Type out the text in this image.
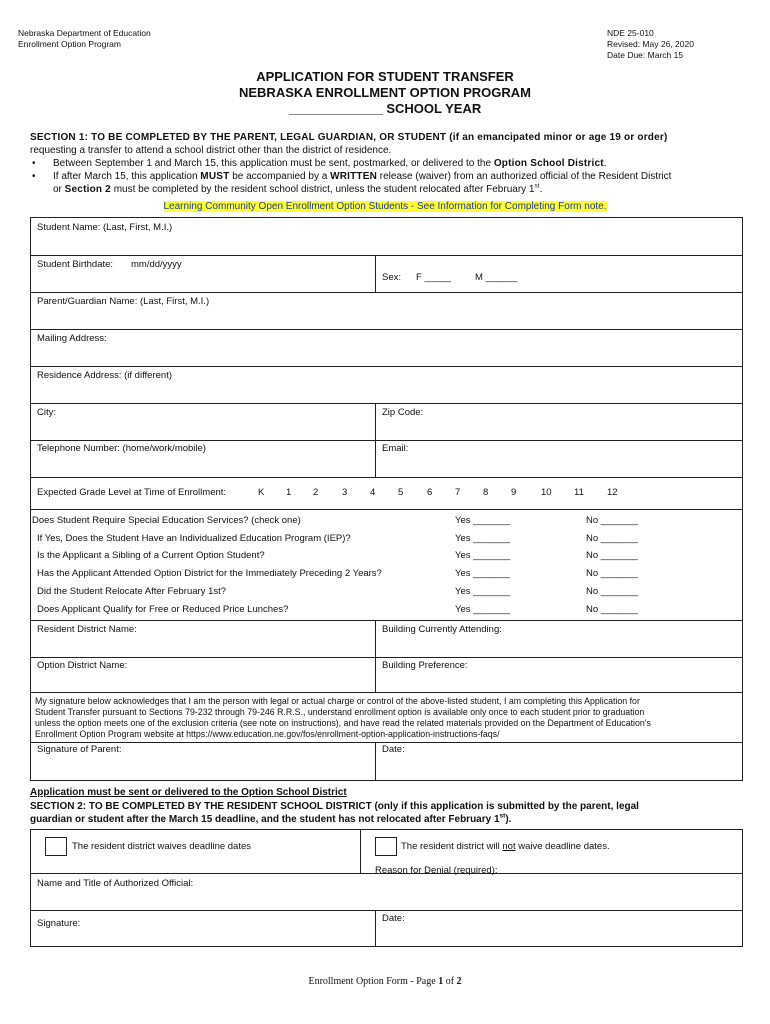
Nebraska Department of Education
Enrollment Option Program
NDE 25-010
Revised: May 26, 2020
Date Due: March 15
APPLICATION FOR STUDENT TRANSFER
NEBRASKA ENROLLMENT OPTION PROGRAM
_____________ SCHOOL YEAR
SECTION 1: TO BE COMPLETED BY THE PARENT, LEGAL GUARDIAN, OR STUDENT (if an emancipated minor or age 19 or order)
requesting a transfer to attend a school district other than the district of residence.
• Between September 1 and March 15, this application must be sent, postmarked, or delivered to the Option School District.
• If after March 15, this application MUST be accompanied by a WRITTEN release (waiver) from an authorized official of the Resident District
or Section 2 must be completed by the resident school district, unless the student relocated after February 1st.
Learning Community Open Enrollment Option Students - See Information for Completing Form note.
Student Name: (Last, First, M.I.)
Student Birthdate: mm/dd/yyyy
Sex: F _____	M ______
Parent/Guardian Name: (Last, First, M.I.)
Mailing Address:
Residence Address: (if different)
City:	Zip Code:
Telephone Number: (home/work/mobile)	Email:
Expected Grade Level at Time of Enrollment:	K 1 2 3 4 5 6 7 8 9	10 11 12
Does Student Require Special Education Services? (check one)	Yes _______	No _______
If Yes, Does the Student Have an Individualized Education Program (IEP)?	Yes _______	No _______
Is the Applicant a Sibling of a Current Option Student?	Yes _______	No _______
Has the Applicant Attended Option District for the Immediately Preceding 2 Years?	Yes _______	No _______
Did the Student Relocate After February 1st?	Yes _______	No _______
Does Applicant Qualify for Free or Reduced Price Lunches?	Yes _______	No _______
Resident District Name:	Building Currently Attending:
Option District Name:	Building Preference:
My signature below acknowledges that I am the person with legal or actual charge or control of the above-listed student, I am completing this Application for
Student Transfer pursuant to Sections 79-232 through 79-246 R.R.S., understand enrollment option is available only once to each student prior to graduation
unless the option meets one of the exclusion criteria (see note on instructions), and have read the related materials provided on the Department of Education's
Enrollment Option Program website at https://www.education.ne.gov/fos/enrollment-option-application-instructions-faqs/
Signature of Parent:	Date:
Application must be sent or delivered to the Option School District
SECTION 2: TO BE COMPLETED BY THE RESIDENT SCHOOL DISTRICT (only if this application is submitted by the parent, legal
guardian or student after the March 15 deadline, and the student has not relocated after February 1st).
The resident district waives deadline dates	The resident district will not waive deadline dates.
Reason for Denial (required):
Name and Title of Authorized Official:
Signature:	Date:
Enrollment Option Form - Page 1 of 2
